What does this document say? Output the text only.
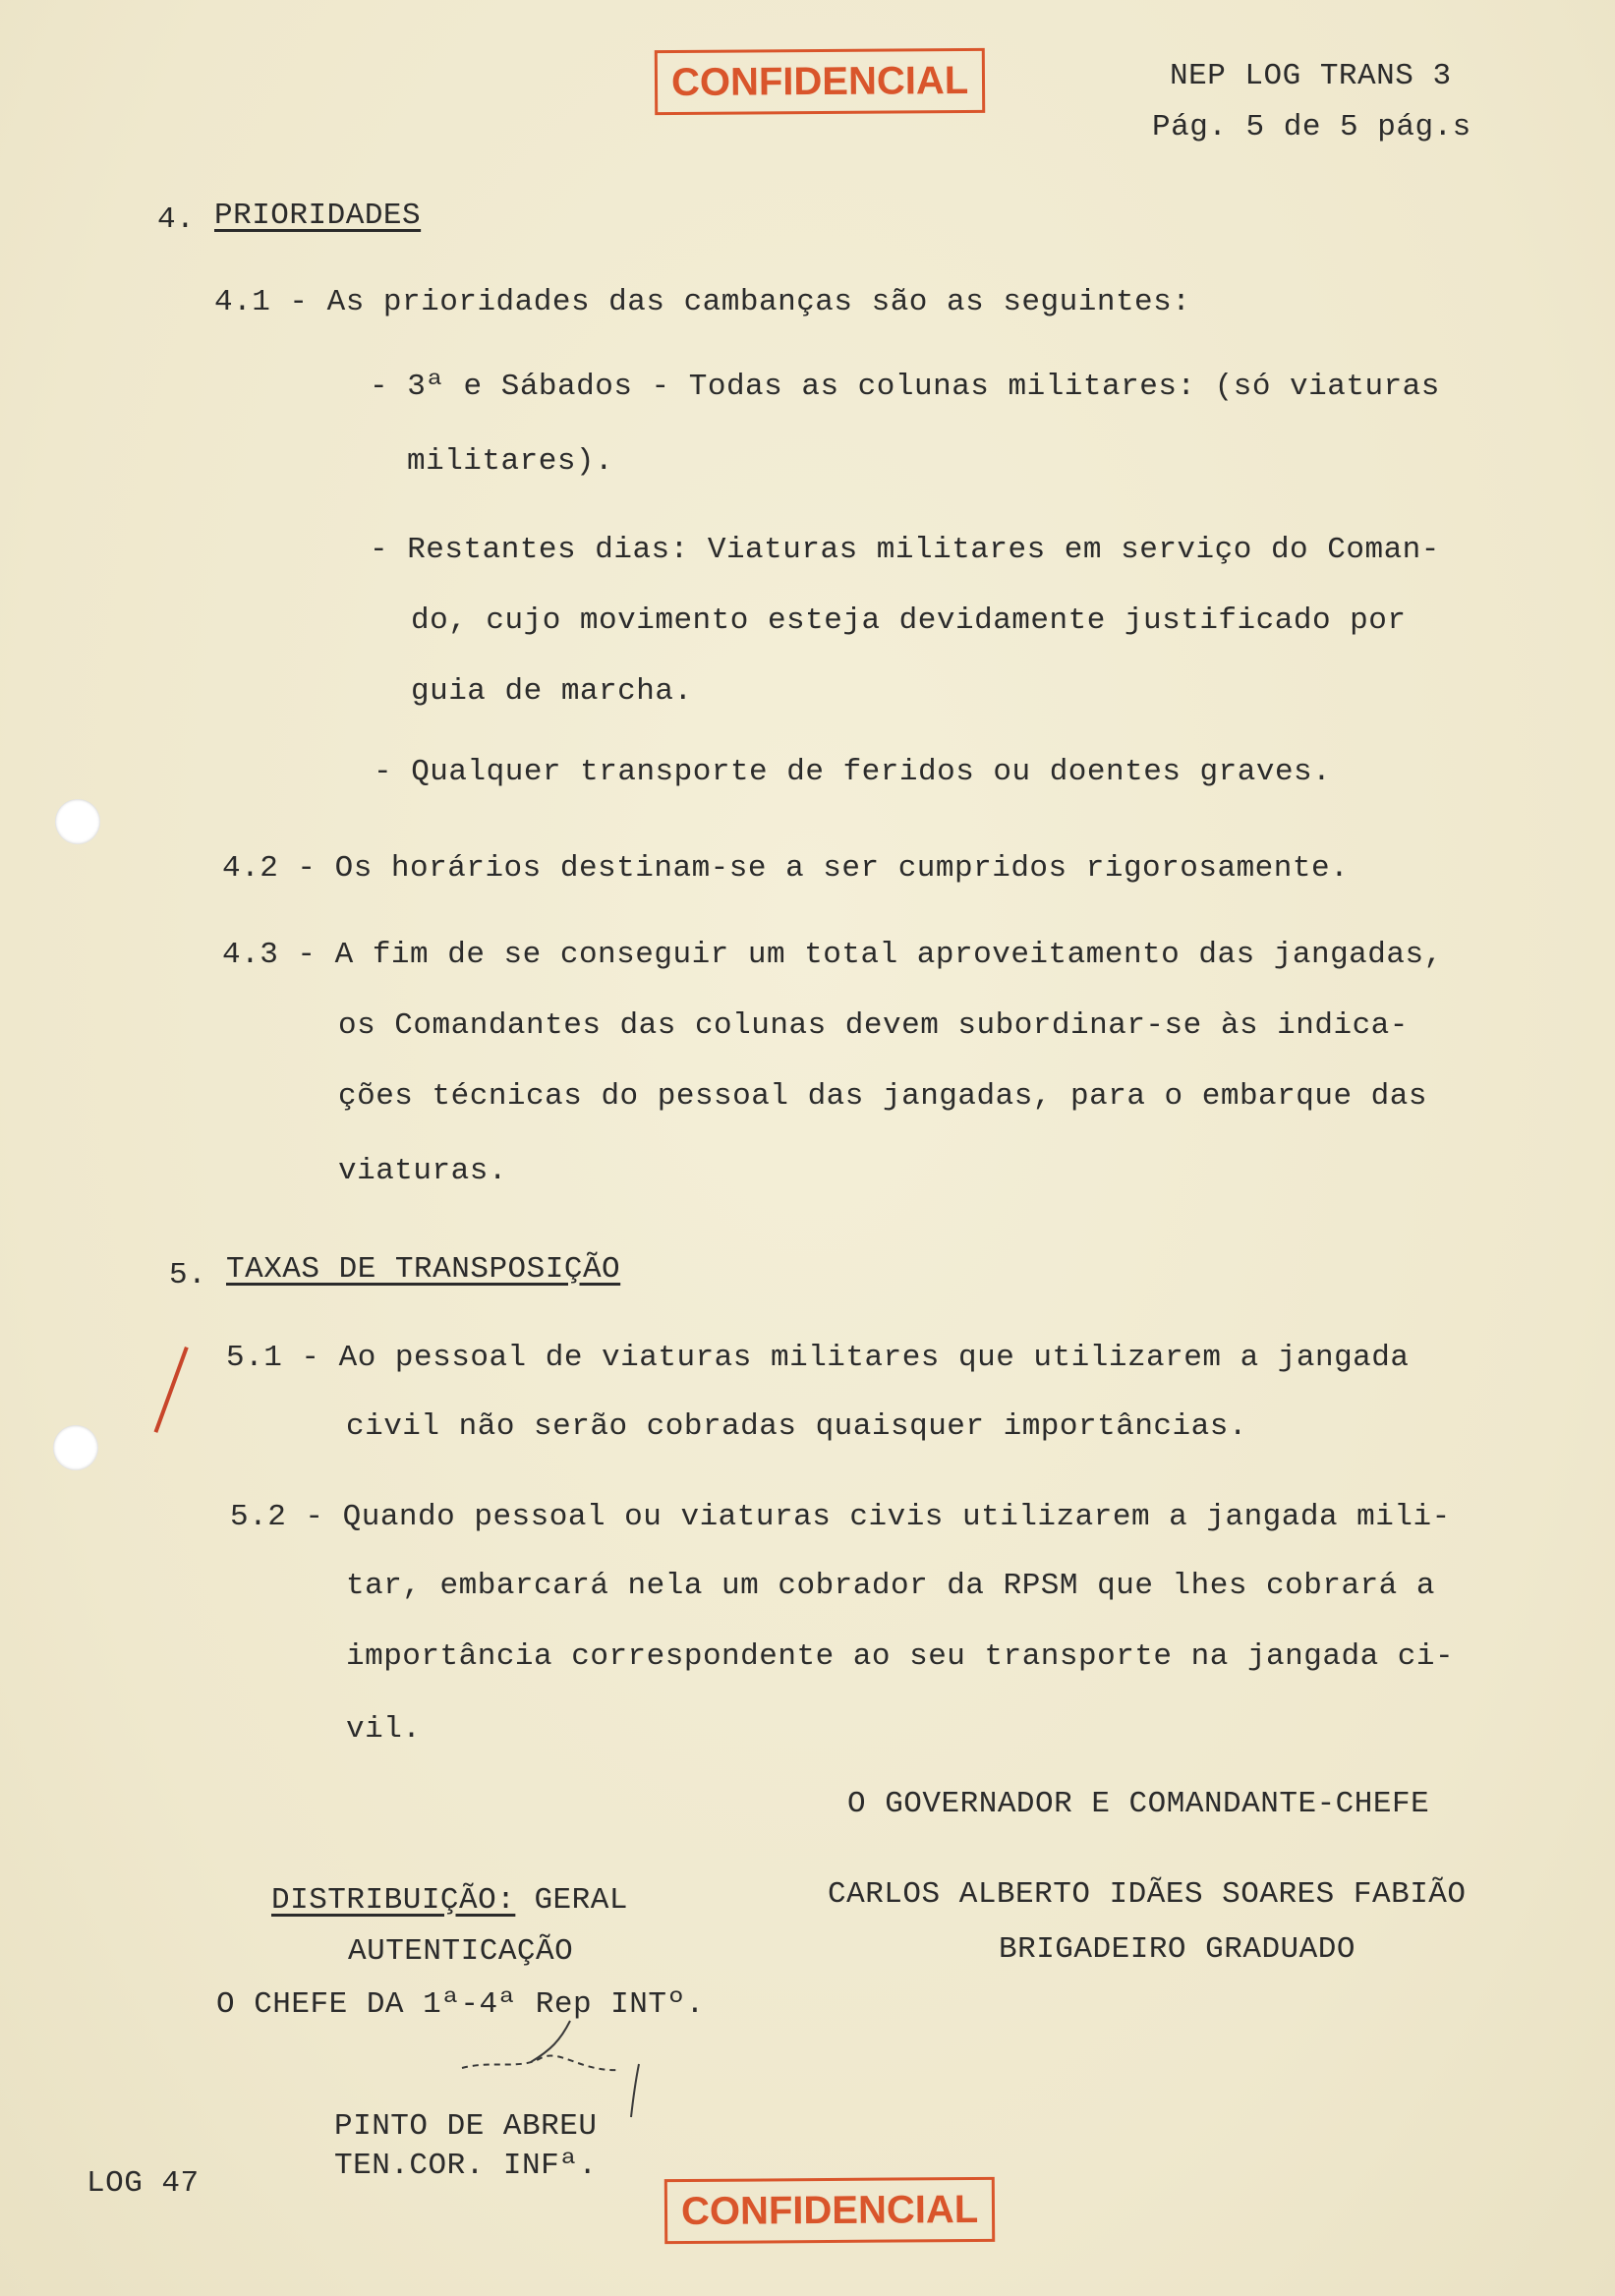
CONFIDENCIAL	NEP LOG TRANS 3
Pág. 5 de 5 pág.s
4. PRIORIDADES
4.1 - As prioridades das cambanças são as seguintes:
- 3ª e Sábados - Todas as colunas militares: (só viaturas
militares).
- Restantes dias: Viaturas militares em serviço do Coman-
do, cujo movimento esteja devidamente justificado por
guia de marcha.
- Qualquer transporte de feridos ou doentes graves.
4.2 - Os horários destinam-se a ser cumpridos rigorosamente.
4.3 - A fim de se conseguir um total aproveitamento das jangadas,
os Comandantes das colunas devem subordinar-se às indica-
ções técnicas do pessoal das jangadas, para o embarque das
viaturas.
5. TAXAS DE TRANSPOSIÇÃO
5.1 - Ao pessoal de viaturas militares que utilizarem a jangada
civil não serão cobradas quaisquer importâncias.
5.2 - Quando pessoal ou viaturas civis utilizarem a jangada mili-
tar, embarcará nela um cobrador da RPSM que lhes cobrará a
importância correspondente ao seu transporte na jangada ci-
vil.
O GOVERNADOR E COMANDANTE-CHEFE
CARLOS ALBERTO IDÃES SOARES FABIÃO
BRIGADEIRO GRADUADO
DISTRIBUIÇÃO: GERAL
AUTENTICAÇÃO
O CHEFE DA 1ª-4ª Rep INTº.
PINTO DE ABREU
TEN.COR. INFª.
LOG 47
CONFIDENCIAL
